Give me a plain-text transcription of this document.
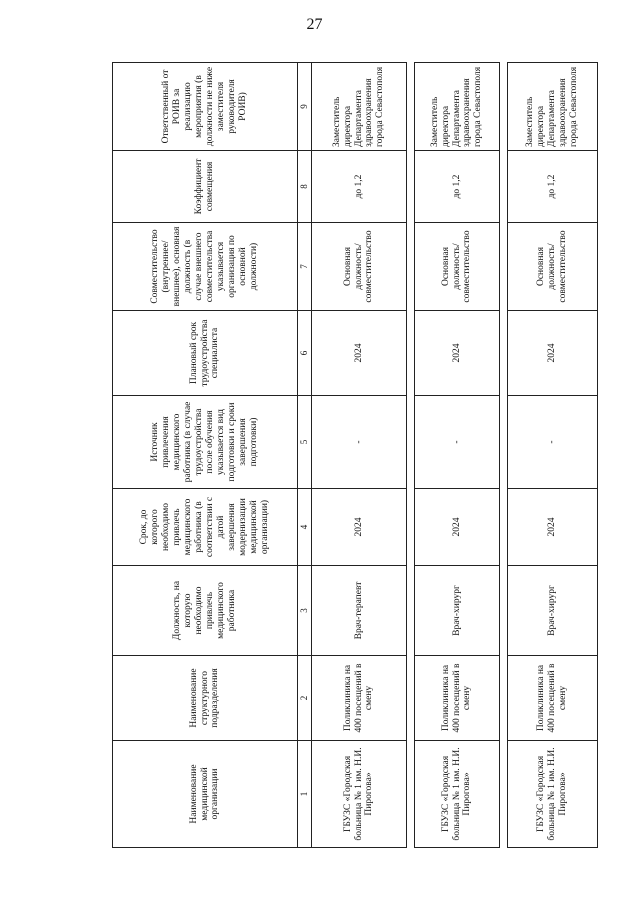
27
Наименование медицинской организации	Наименование структурного подразделения	Должность, на которую необходимо привлечь медицинского работника	Срок, до которого необходимо привлечь медицинского работника (в соответствии с датой завершения модернизации медицинской организации)	Источник привлечения медицинского работника (в случае трудоустройства после обучения указывается вид подготовки и сроки завершения подготовки)	Плановый срок трудоустройства специалиста	Совместительство (внутреннее/внешнее), основная должность (в случае внешнего совместительства указывается организация по основной должности)	Коэффициент совмещения	Ответственный от РОИВ за реализацию мероприятия (в должности не ниже заместителя руководителя РОИВ)
1	2	3	4	5	6	7	8	9
ГБУЗС «Городская больница № 1 им. Н.И. Пирогова»	Поликлиника на 400 посещений в смену	Врач-терапевт	2024	-	2024	Основная должность/ совместительство	до 1,2	Заместитель директора Департамента здравоохранения города Севастополя

ГБУЗС «Городская больница № 1 им. Н.И. Пирогова»	Поликлиника на 400 посещений в смену	Врач-хирург	2024	-	2024	Основная должность/ совместительство	до 1,2	Заместитель директора Департамента здравоохранения города Севастополя

ГБУЗС «Городская больница № 1 им. Н.И. Пирогова»	Поликлиника на 400 посещений в смену	Врач-хирург	2024	-	2024	Основная должность/ совместительство	до 1,2	Заместитель директора Департамента здравоохранения города Севастополя
